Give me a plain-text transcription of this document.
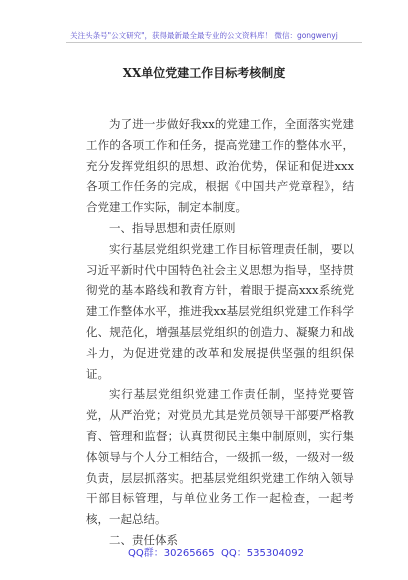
关注头条号"公文研究"，获得最新最全最专业的公文资料库！ 微信：gongwenyj
XX单位党建工作目标考核制度

为了进一步做好我xx的党建工作，全面落实党建工作的各项工作和任务，提高党建工作的整体水平，充分发挥党组织的思想、政治优势，保证和促进xxx各项工作任务的完成，根据《中国共产党章程》，结合党建工作实际，制定本制度。

一、指导思想和责任原则

实行基层党组织党建工作目标管理责任制，要以习近平新时代中国特色社会主义思想为指导，坚持贯彻党的基本路线和教育方针，着眼于提高xxx系统党建工作整体水平，推进我xx基层党组织党建工作科学化、规范化，增强基层党组织的创造力、凝聚力和战斗力，为促进党建的改革和发展提供坚强的组织保证。

实行基层党组织党建工作责任制，坚持党要管党，从严治党；对党员尤其是党员领导干部要严格教育、管理和监督；认真贯彻民主集中制原则，实行集体领导与个人分工相结合，一级抓一级，一级对一级负责，层层抓落实。把基层党组织党建工作纳入领导干部目标管理，与单位业务工作一起检查，一起考核，一起总结。

二、责任体系

QQ群：30265665 QQ：535304092
